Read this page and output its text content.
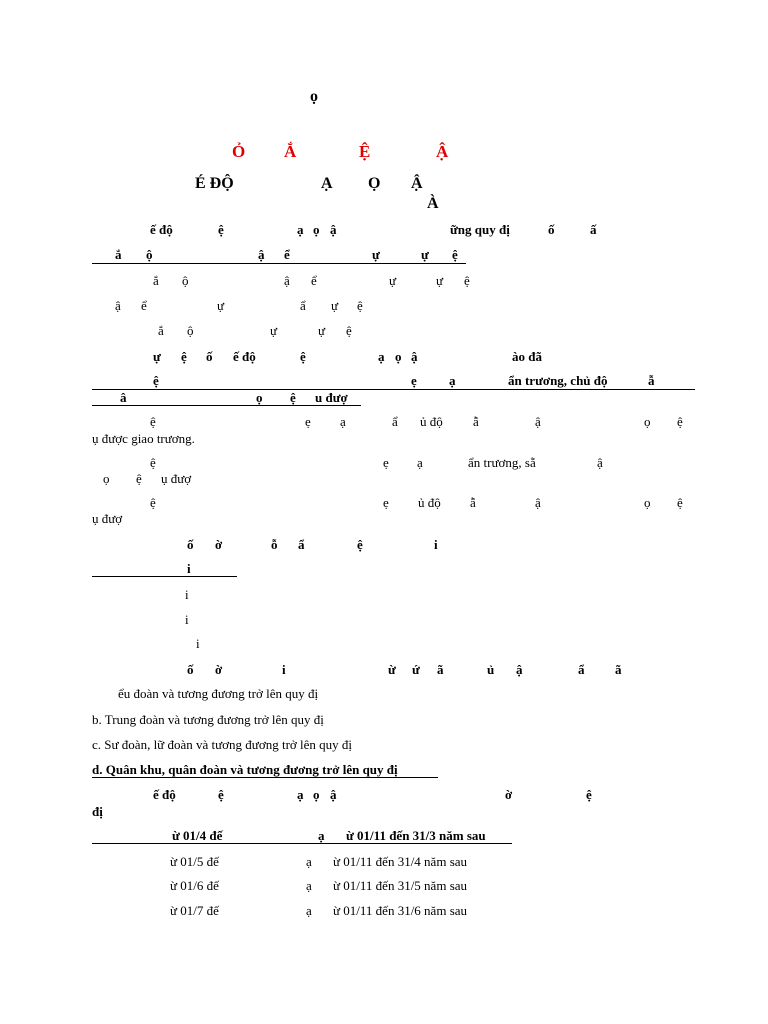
ọ
Ỏ Ắ	Ệ	Ậ
É ĐỘ	Ạ Ọ Ậ
À
ế độ	ệ	ạ ọ ậ	ững quy đị	ố	ấ
ắ ộ	ậ ể	ự	ự ệ
ắ ộ	ậ ể	ự	ự ệ
ậ ể	ự	ẩ ự ệ
ắ ộ	ự	ự ệ
ự ệ ố ế độ	ệ	ạ ọ ậ	ào đã
ệ	ẹ ạ	ẩn trương, chủ độ	ẫ
â	ọ ệ u đượ
ệ	ẹ ạ	ẩ ủ độ ẫ	ậ	ọ ệ
ụ được giao trương.
ệ	ẹ ạ	ẩn trương, sẵ	ậ
ọ ệ ụ đượ
ệ	ẹ ủ độ ẫ	ậ	ọ ệ
ụ đượ
ố ờ	ỗ ẩ	ệ	i
i
i
i
i
ố ờ	i	ừ ứ ã	ủ ậ	ẩ ã
ểu đoàn và tương đương trở lên quy đị
b. Trung đoàn và tương đương trở lên quy đị
c. Sư đoàn, lữ đoàn và tương đương trở lên quy đị
d. Quân khu, quân đoàn và tương đương trở lên quy đị
ế độ	ệ	ạ ọ ậ	ờ	ệ
đị
ừ 01/4 đế	ạ ừ 01/11 đến 31/3 năm sau
ừ 01/5 đế	ạ ừ 01/11 đến 31/4 năm sau
ừ 01/6 đế	ạ ừ 01/11 đến 31/5 năm sau
ừ 01/7 đế	ạ ừ 01/11 đến 31/6 năm sau
